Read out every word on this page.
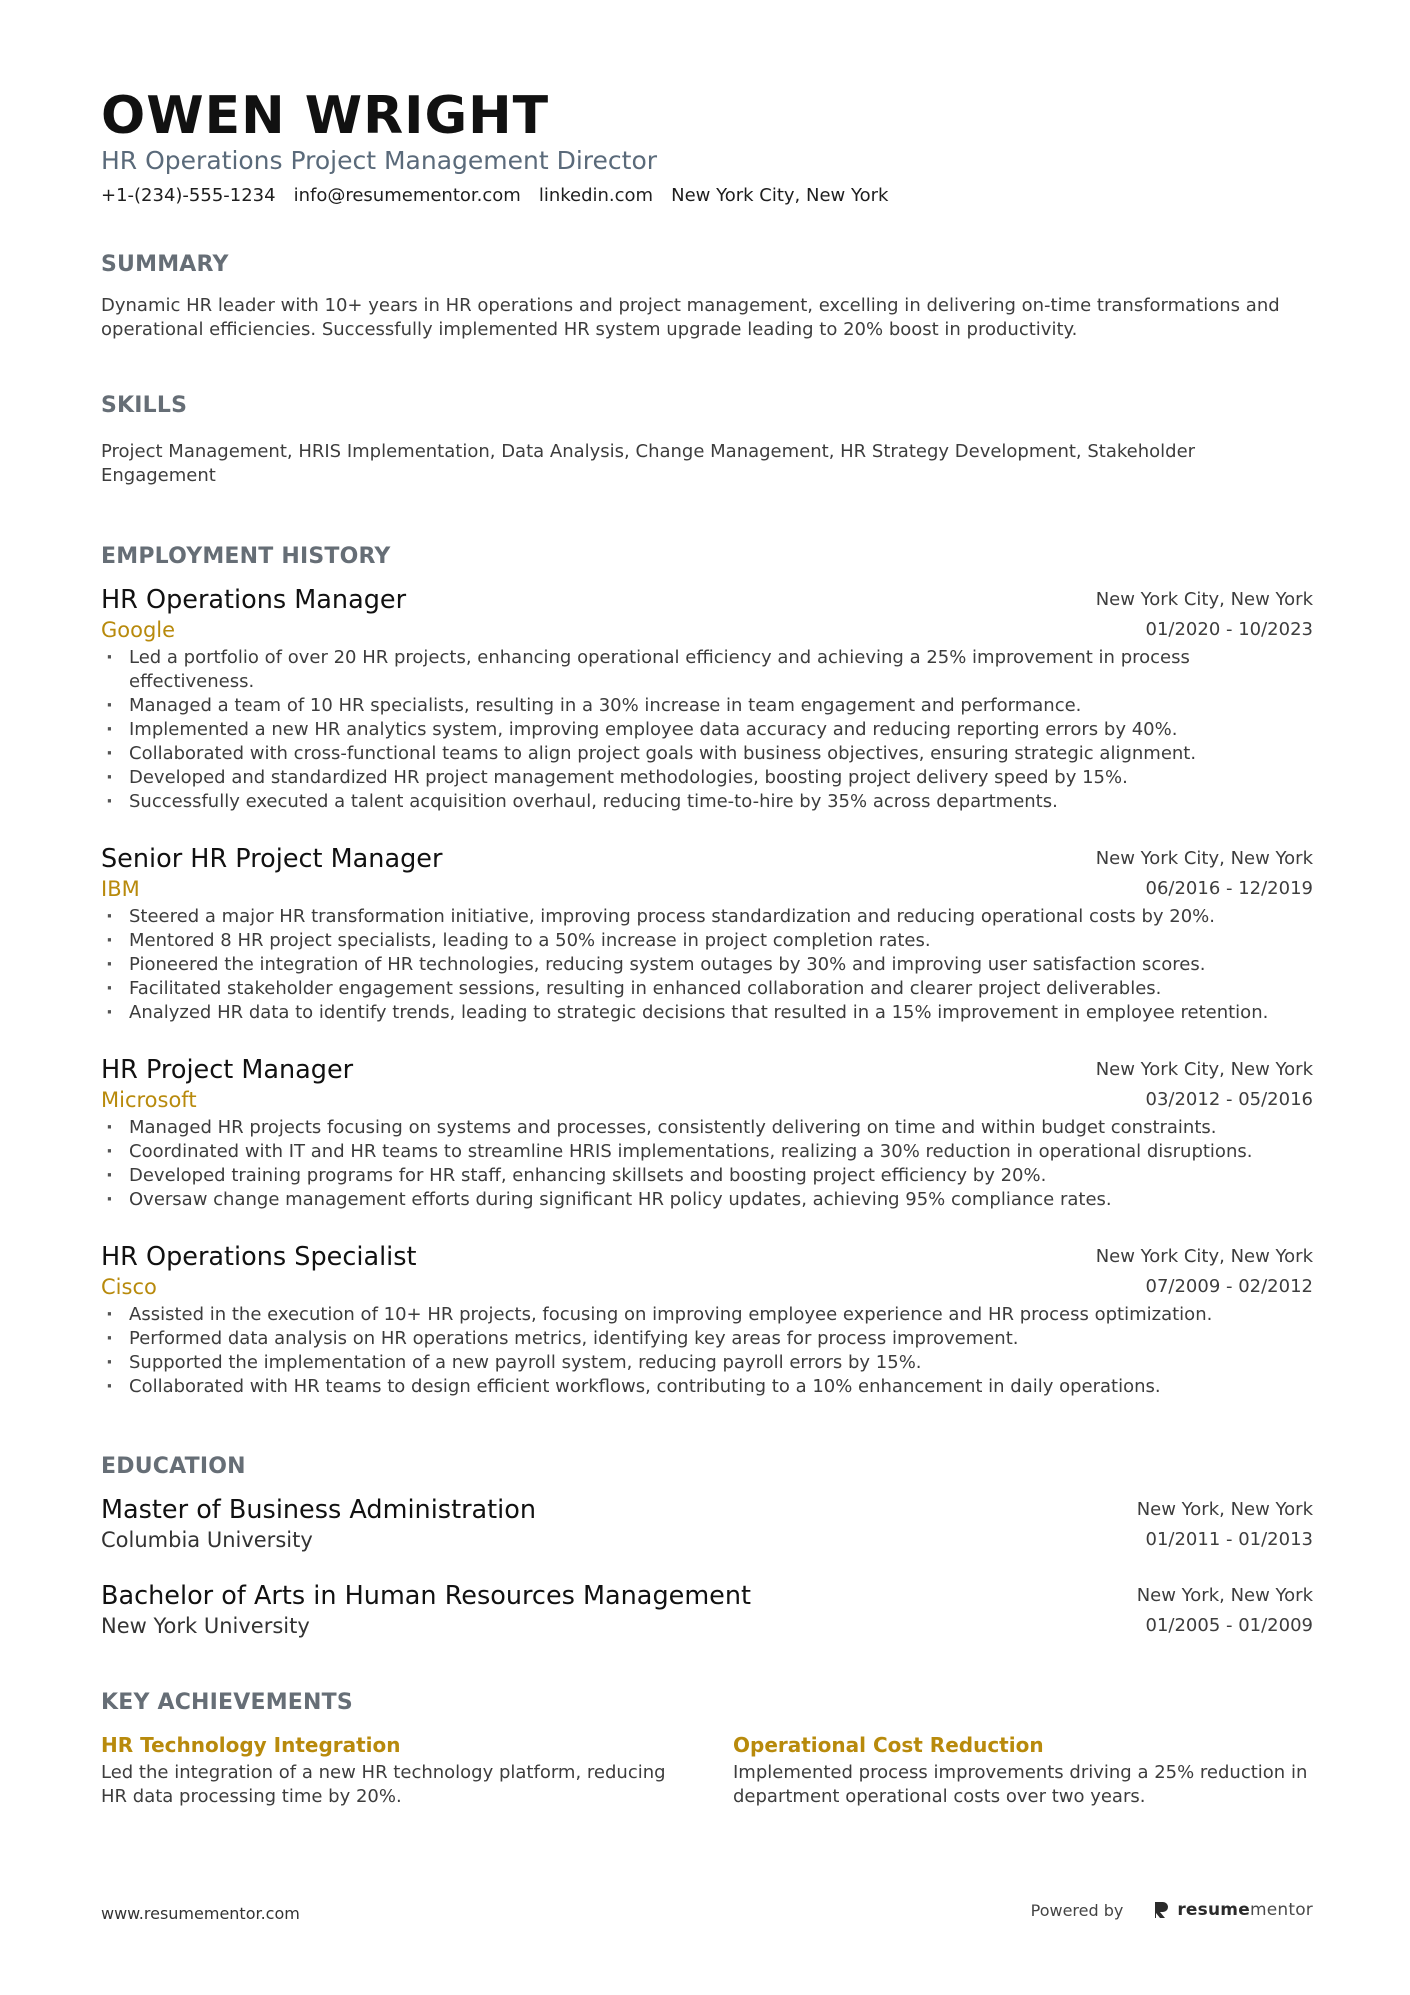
OWEN WRIGHT
HR Operations Project Management Director
+1-(234)-555-1234 info@resumementor.com linkedin.com New York City, New York
SUMMARY
Dynamic HR leader with 10+ years in HR operations and project management, excelling in delivering on-time transformations and operational efficiencies. Successfully implemented HR system upgrade leading to 20% boost in productivity.
SKILLS
Project Management, HRIS Implementation, Data Analysis, Change Management, HR Strategy Development, Stakeholder Engagement
EMPLOYMENT HISTORY
HR Operations Manager
Google
New York City, New York
01/2020 - 10/2023
· Led a portfolio of over 20 HR projects, enhancing operational efficiency and achieving a 25% improvement in process effectiveness.
· Managed a team of 10 HR specialists, resulting in a 30% increase in team engagement and performance.
· Implemented a new HR analytics system, improving employee data accuracy and reducing reporting errors by 40%.
· Collaborated with cross-functional teams to align project goals with business objectives, ensuring strategic alignment.
· Developed and standardized HR project management methodologies, boosting project delivery speed by 15%.
· Successfully executed a talent acquisition overhaul, reducing time-to-hire by 35% across departments.
Senior HR Project Manager
IBM
New York City, New York
06/2016 - 12/2019
· Steered a major HR transformation initiative, improving process standardization and reducing operational costs by 20%.
· Mentored 8 HR project specialists, leading to a 50% increase in project completion rates.
· Pioneered the integration of HR technologies, reducing system outages by 30% and improving user satisfaction scores.
· Facilitated stakeholder engagement sessions, resulting in enhanced collaboration and clearer project deliverables.
· Analyzed HR data to identify trends, leading to strategic decisions that resulted in a 15% improvement in employee retention.
HR Project Manager
Microsoft
New York City, New York
03/2012 - 05/2016
· Managed HR projects focusing on systems and processes, consistently delivering on time and within budget constraints.
· Coordinated with IT and HR teams to streamline HRIS implementations, realizing a 30% reduction in operational disruptions.
· Developed training programs for HR staff, enhancing skillsets and boosting project efficiency by 20%.
· Oversaw change management efforts during significant HR policy updates, achieving 95% compliance rates.
HR Operations Specialist
Cisco
New York City, New York
07/2009 - 02/2012
· Assisted in the execution of 10+ HR projects, focusing on improving employee experience and HR process optimization.
· Performed data analysis on HR operations metrics, identifying key areas for process improvement.
· Supported the implementation of a new payroll system, reducing payroll errors by 15%.
· Collaborated with HR teams to design efficient workflows, contributing to a 10% enhancement in daily operations.
EDUCATION
Master of Business Administration
Columbia University
New York, New York
01/2011 - 01/2013
Bachelor of Arts in Human Resources Management
New York University
New York, New York
01/2005 - 01/2009
KEY ACHIEVEMENTS
HR Technology Integration
Led the integration of a new HR technology platform, reducing HR data processing time by 20%.
Operational Cost Reduction
Implemented process improvements driving a 25% reduction in department operational costs over two years.
www.resumementor.com	Powered by	resumementor
